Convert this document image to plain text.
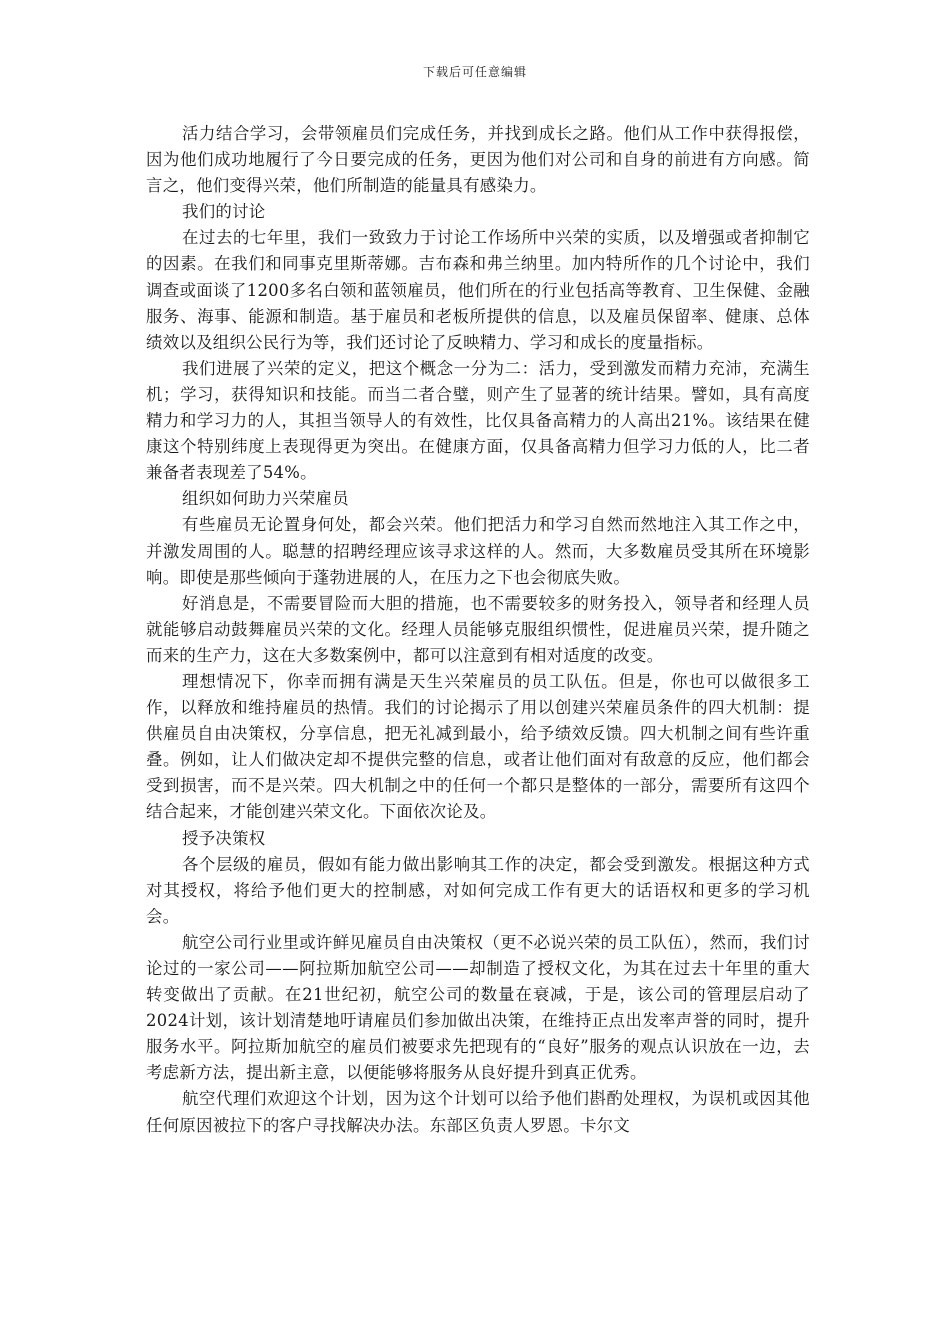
下载后可任意编辑

活力结合学习，会带领雇员们完成任务，并找到成长之路。他们从工作中获得报偿，因为他们成功地履行了今日要完成的任务，更因为他们对公司和自身的前进有方向感。简言之，他们变得兴荣，他们所制造的能量具有感染力。

我们的讨论

在过去的七年里，我们一致致力于讨论工作场所中兴荣的实质，以及增强或者抑制它的因素。在我们和同事克里斯蒂娜。吉布森和弗兰纳里。加内特所作的几个讨论中，我们调查或面谈了1200多名白领和蓝领雇员，他们所在的行业包括高等教育、卫生保健、金融服务、海事、能源和制造。基于雇员和老板所提供的信息，以及雇员保留率、健康、总体绩效以及组织公民行为等，我们还讨论了反映精力、学习和成长的度量指标。

我们进展了兴荣的定义，把这个概念一分为二：活力，受到激发而精力充沛，充满生机；学习，获得知识和技能。而当二者合璧，则产生了显著的统计结果。譬如，具有高度精力和学习力的人，其担当领导人的有效性，比仅具备高精力的人高出21%。该结果在健康这个特别纬度上表现得更为突出。在健康方面，仅具备高精力但学习力低的人，比二者兼备者表现差了54%。

组织如何助力兴荣雇员

有些雇员无论置身何处，都会兴荣。他们把活力和学习自然而然地注入其工作之中，并激发周围的人。聪慧的招聘经理应该寻求这样的人。然而，大多数雇员受其所在环境影响。即使是那些倾向于蓬勃进展的人，在压力之下也会彻底失败。

好消息是，不需要冒险而大胆的措施，也不需要较多的财务投入，领导者和经理人员就能够启动鼓舞雇员兴荣的文化。经理人员能够克服组织惯性，促进雇员兴荣，提升随之而来的生产力，这在大多数案例中，都可以注意到有相对适度的改变。

理想情况下，你幸而拥有满是天生兴荣雇员的员工队伍。但是，你也可以做很多工作，以释放和维持雇员的热情。我们的讨论揭示了用以创建兴荣雇员条件的四大机制：提供雇员自由决策权，分享信息，把无礼减到最小，给予绩效反馈。四大机制之间有些许重叠。例如，让人们做决定却不提供完整的信息，或者让他们面对有敌意的反应，他们都会受到损害，而不是兴荣。四大机制之中的任何一个都只是整体的一部分，需要所有这四个结合起来，才能创建兴荣文化。下面依次论及。

授予决策权

各个层级的雇员，假如有能力做出影响其工作的决定，都会受到激发。根据这种方式对其授权，将给予他们更大的控制感，对如何完成工作有更大的话语权和更多的学习机会。

航空公司行业里或许鲜见雇员自由决策权（更不必说兴荣的员工队伍），然而，我们讨论过的一家公司——阿拉斯加航空公司——却制造了授权文化，为其在过去十年里的重大转变做出了贡献。在21世纪初，航空公司的数量在衰减，于是，该公司的管理层启动了2024计划，该计划清楚地吁请雇员们参加做出决策，在维持正点出发率声誉的同时，提升服务水平。阿拉斯加航空的雇员们被要求先把现有的“良好”服务的观点认识放在一边，去考虑新方法，提出新主意，以便能够将服务从良好提升到真正优秀。

航空代理们欢迎这个计划，因为这个计划可以给予他们斟酌处理权，为误机或因其他任何原因被拉下的客户寻找解决办法。东部区负责人罗恩。卡尔文
